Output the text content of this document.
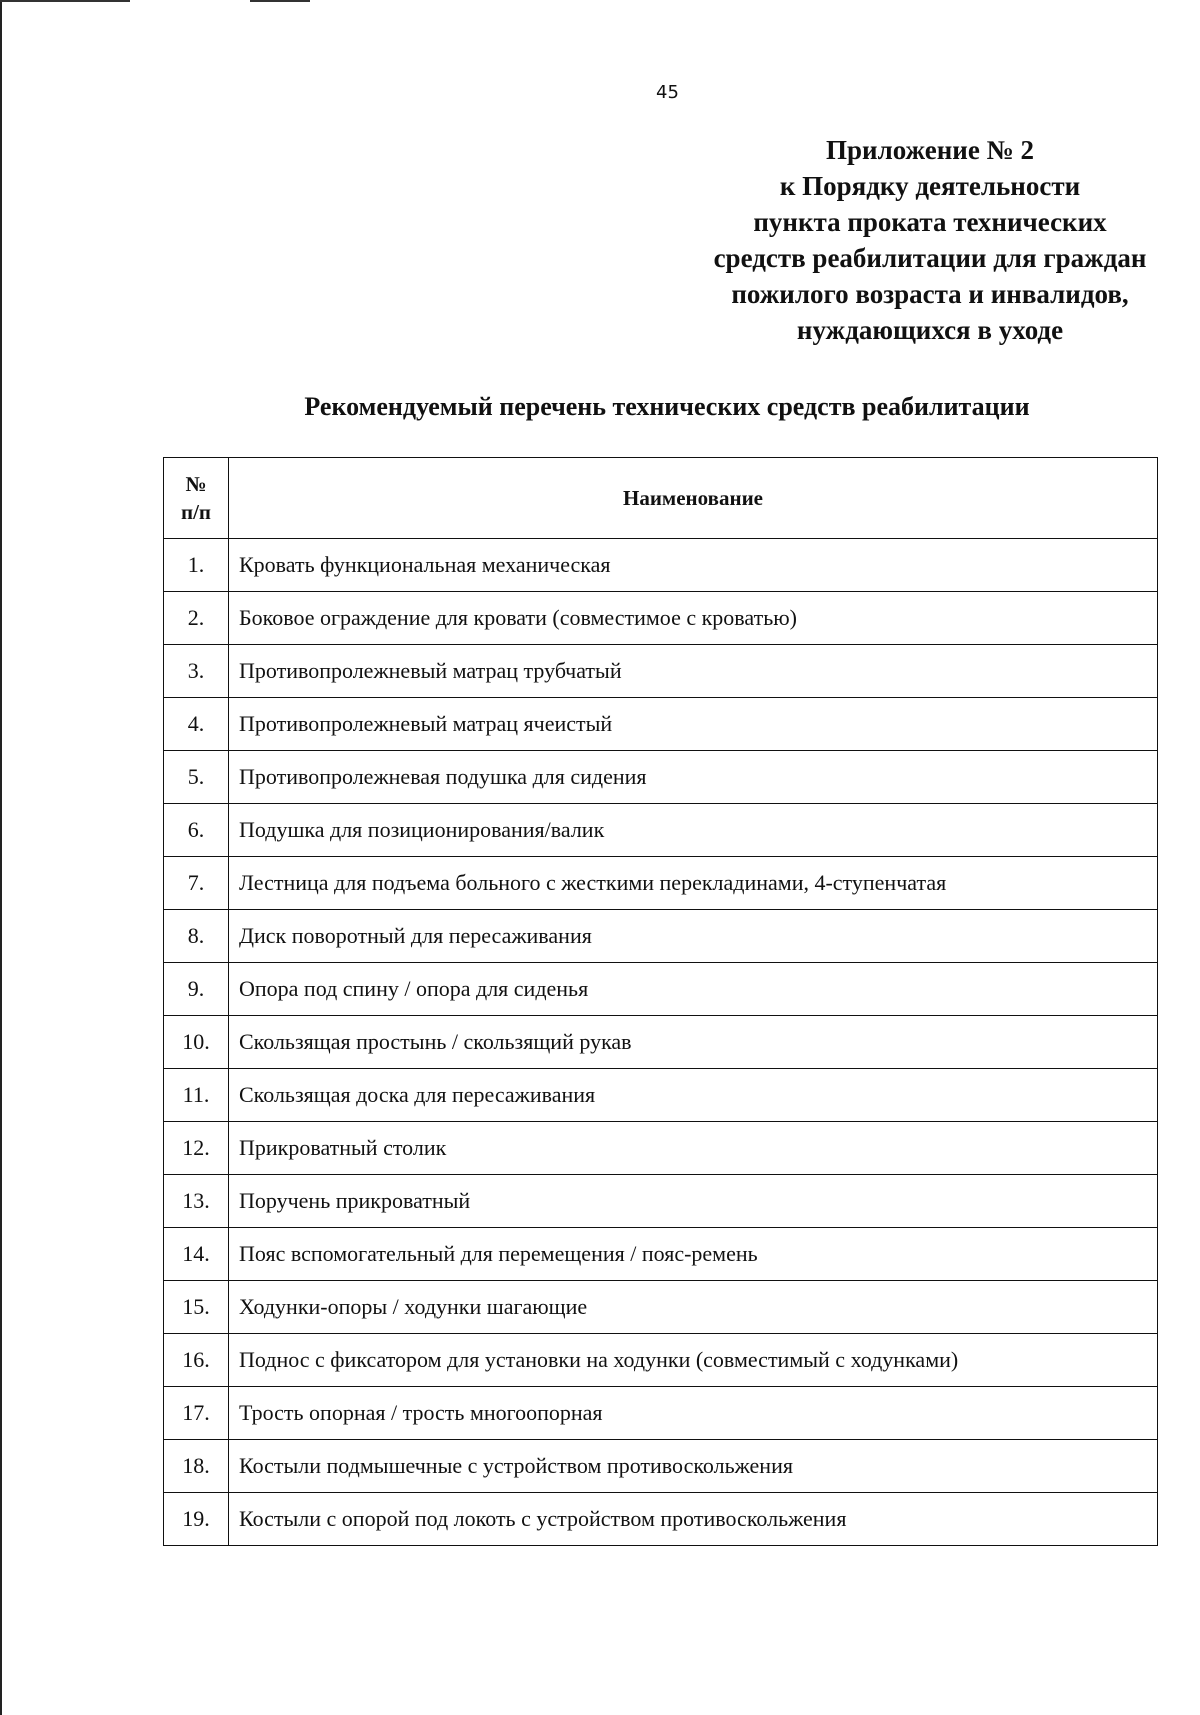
45
Приложение № 2
к Порядку деятельности
пункта проката технических
средств реабилитации для граждан
пожилого возраста и инвалидов,
нуждающихся в уходе
Рекомендуемый перечень технических средств реабилитации
№
п/п	Наименование
1.	Кровать функциональная механическая
2.	Боковое ограждение для кровати (совместимое с кроватью)
3.	Противопролежневый матрац трубчатый
4.	Противопролежневый матрац ячеистый
5.	Противопролежневая подушка для сидения
6.	Подушка для позиционирования/валик
7.	Лестница для подъема больного с жесткими перекладинами, 4-ступенчатая
8.	Диск поворотный для пересаживания
9.	Опора под спину / опора для сиденья
10.	Скользящая простынь / скользящий рукав
11.	Скользящая доска для пересаживания
12.	Прикроватный столик
13.	Поручень прикроватный
14.	Пояс вспомогательный для перемещения / пояс-ремень
15.	Ходунки-опоры / ходунки шагающие
16.	Поднос с фиксатором для установки на ходунки (совместимый с ходунками)
17.	Трость опорная / трость многоопорная
18.	Костыли подмышечные с устройством противоскольжения
19.	Костыли с опорой под локоть с устройством противоскольжения
